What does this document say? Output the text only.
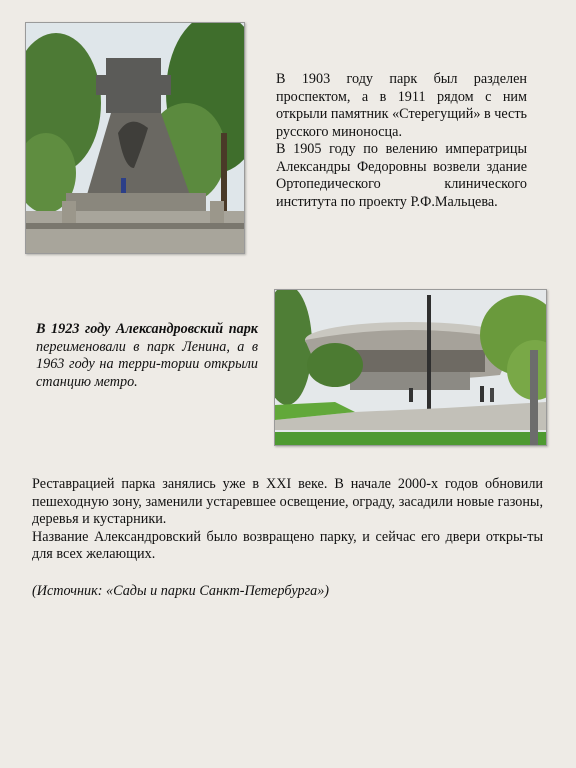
В 1903 году парк был разделен проспектом, а в 1911 рядом с ним открыли памятник «Стерегущий» в честь русского миноносца.

В 1905 году по велению императрицы Александры Федоровны возвели здание Ортопедического клинического института по проекту Р.Ф.Мальцева.

В 1923 году Александровский парк переименовали в парк Ленина, а в 1963 году на терри-тории открыли станцию метро.

Реставрацией парка занялись уже в XXI веке. В начале 2000-х годов обновили пешеходную зону, заменили устаревшее освещение, ограду, засадили новые газоны, деревья и кустарники.

Название Александровский было возвращено парку, и сейчас его двери откры-ты для всех желающих.

(Источник: «Сады и парки Санкт-Петербурга»)
